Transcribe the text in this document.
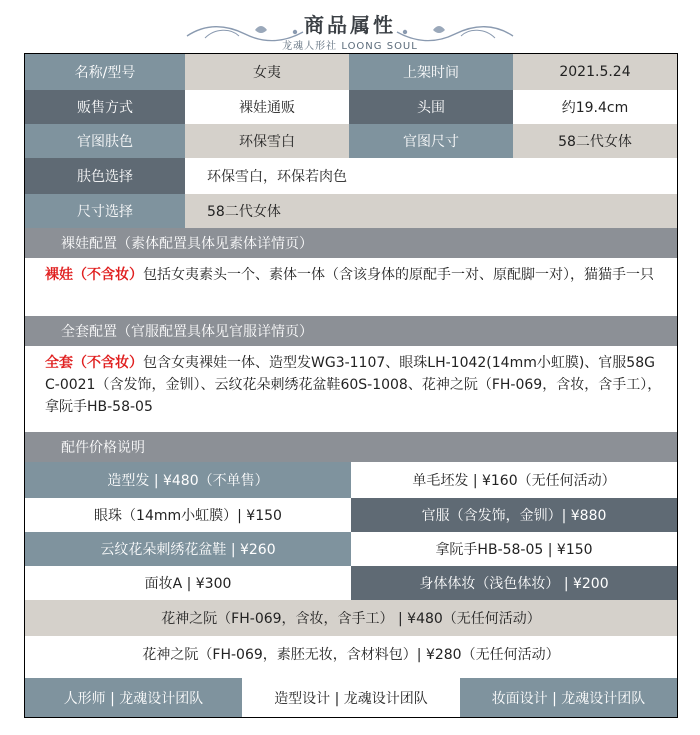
商品属性
龙魂人形社 LOONG SOUL
名称/型号	女夷	上架时间	2021.5.24
贩售方式	裸娃通贩	头围	约19.4cm
官图肤色	环保雪白	官图尺寸	58二代女体
肤色选择	环保雪白，环保若肉色
尺寸选择	58二代女体
裸娃配置（素体配置具体见素体详情页）
裸娃（不含妆）包括女夷素头一个、素体一体（含该身体的原配手一对、原配脚一对），猫猫手一只
全套配置（官服配置具体见官服详情页）
全套（不含妆）包含女夷裸娃一体、造型发WG3-1107、眼珠LH-1042(14mm小虹膜)、官服58GC-0021（含发饰，金钏）、云纹花朵刺绣花盆鞋60S-1008、花神之阮（FH-069，含妆，含手工），拿阮手HB-58-05
配件价格说明
造型发 | ¥480（不单售）	单毛坯发 | ¥160（无任何活动）
眼珠（14mm小虹膜）| ¥150	官服（含发饰，金钏）| ¥880
云纹花朵刺绣花盆鞋 | ¥260	拿阮手HB-58-05 | ¥150
面妆A | ¥300	身体体妆（浅色体妆） | ¥200
花神之阮（FH-069，含妆，含手工） | ¥480（无任何活动）
花神之阮（FH-069，素胚无妆，含材料包）| ¥280（无任何活动）
人形师 | 龙魂设计团队	造型设计 | 龙魂设计团队	妆面设计 | 龙魂设计团队
